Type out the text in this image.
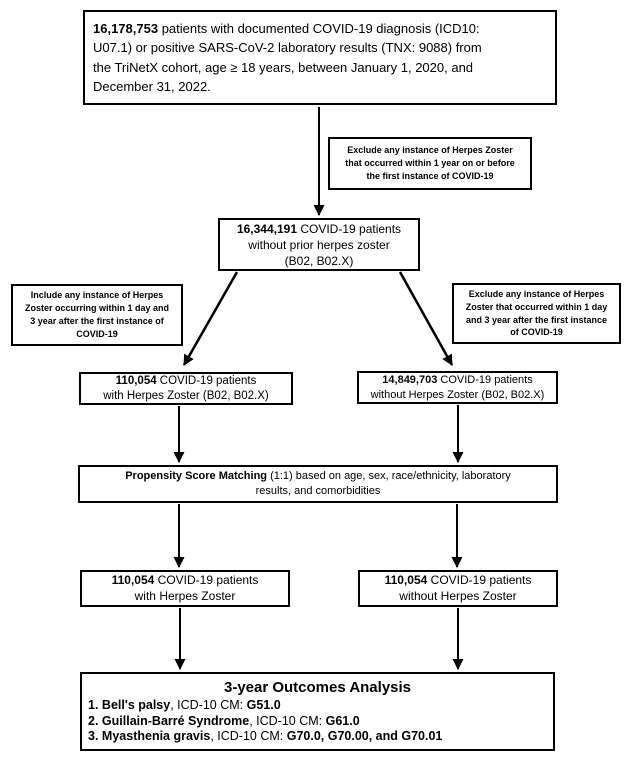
16,178,753 patients with documented COVID-19 diagnosis (ICD10:
U07.1) or positive SARS-CoV-2 laboratory results (TNX: 9088) from
the TriNetX cohort, age ≥ 18 years, between January 1, 2020, and
December 31, 2022.
Exclude any instance of Herpes Zoster
that occurred within 1 year on or before
the first instance of COVID-19
16,344,191 COVID-19 patients
without prior herpes zoster
(B02, B02.X)
Include any instance of Herpes
Zoster occurring within 1 day and
3 year after the first instance of
COVID-19
Exclude any instance of Herpes
Zoster that occurred within 1 day
and 3 year after the first instance
of COVID-19
110,054 COVID-19 patients
with Herpes Zoster (B02, B02.X)
14,849,703 COVID-19 patients
without Herpes Zoster (B02, B02.X)
Propensity Score Matching (1:1) based on age, sex, race/ethnicity, laboratory
results, and comorbidities
110,054 COVID-19 patients
with Herpes Zoster
110,054 COVID-19 patients
without Herpes Zoster
3-year Outcomes Analysis
1. Bell's palsy, ICD-10 CM: G51.0
2. Guillain-Barré Syndrome, ICD-10 CM: G61.0
3. Myasthenia gravis, ICD-10 CM: G70.0, G70.00, and G70.01
